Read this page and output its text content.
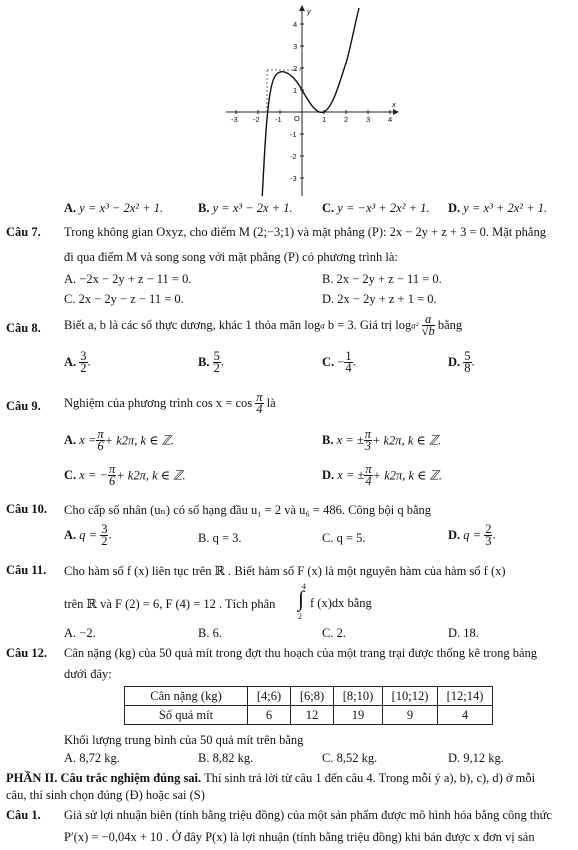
y
x
O
-3 -2 -1	1 2 3 4
4
3
2
1
-1
-2
-3
A. y = x³ − 2x² + 1.	B. y = x³ − 2x + 1. C. y = −x³ + 2x² + 1. D. y = x³ + 2x² + 1.
Câu 7. Trong không gian Oxyz, cho điểm M (2;−3;1) và mặt phẳng (P): 2x − 2y + z + 3 = 0. Mặt phẳng
đi qua điểm M và song song với mặt phẳng (P) có phương trình là:
A. −2x − 2y + z − 11 = 0.	B. 2x − 2y + z − 11 = 0.
C. 2x − 2y − z − 11 = 0.	D. 2x − 2y + z + 1 = 0.
Câu 8. Biết a, b là các số thực dương, khác 1 thỏa mãn loga b = 3. Giá trị $\log a^2 \frac{a}{√b}$ bằng
A. $\frac{3}{2}$ .	B. $\frac{5}{2}$ .	C. − $\frac{1}{4}$ .	D. $\frac{5}{8}$ .
Câu 9. Nghiệm của phương trình $\cos x = \cos \frac{\pi}{4}$ là
A. $x = \frac{\pi}{6} + k2\pi$, k ∈ ℤ.	B. x = ± $\frac{\pi}{3} + k2\pi$, k ∈ ℤ.
C. x = − $\frac{\pi}{6} + k2\pi$, k ∈ ℤ.	D. x = ± $\frac{\pi}{4} + k2\pi$, k ∈ ℤ.
Câu 10. Cho cấp số nhân (uₙ) có số hạng đầu u₁ = 2 và u₆ = 486. Công bội q bằng
A. $q = \frac{3}{2}$ .	B. q = 3.	C. q = 5.	D. $q = \frac{2}{3}$ .
Câu 11. Cho hàm số f (x) liên tục trên ℝ . Biết hàm số F (x) là một nguyên hàm của hàm số f (x)
trên ℝ và F (2) = 6, F (4) = 12 . Tích phân
4
∫
2
f (x)dx bằng
A. −2.	B. 6.	C. 2.	D. 18.
Câu 12. Cân nặng (kg) của 50 quả mít trong đợt thu hoạch của một trang trại được thống kê trong bảng
dưới đây:
Cân nặng (kg)	[4;6)	[6;8)	[8;10)	[10;12)	[12;14)
Số quả mít	6	12	19	9	4
Khối lượng trung bình của 50 quả mít trên bằng
A. 8,72 kg.	B. 8,82 kg.	C. 8,52 kg.	D. 9,12 kg.
PHẦN II. Câu trắc nghiệm đúng sai. Thí sinh trả lời từ câu 1 đến câu 4. Trong mỗi ý a), b), c), d) ở mỗi
câu, thí sinh chọn đúng (Đ) hoặc sai (S)
Câu 1. Giả sử lợi nhuận biên (tính bằng triệu đồng) của một sản phẩm được mô hình hóa bằng công thức
P′(x) = −0,04x + 10 . Ở đây P(x) là lợi nhuận (tính bằng triệu đồng) khi bán được x đơn vị sản
